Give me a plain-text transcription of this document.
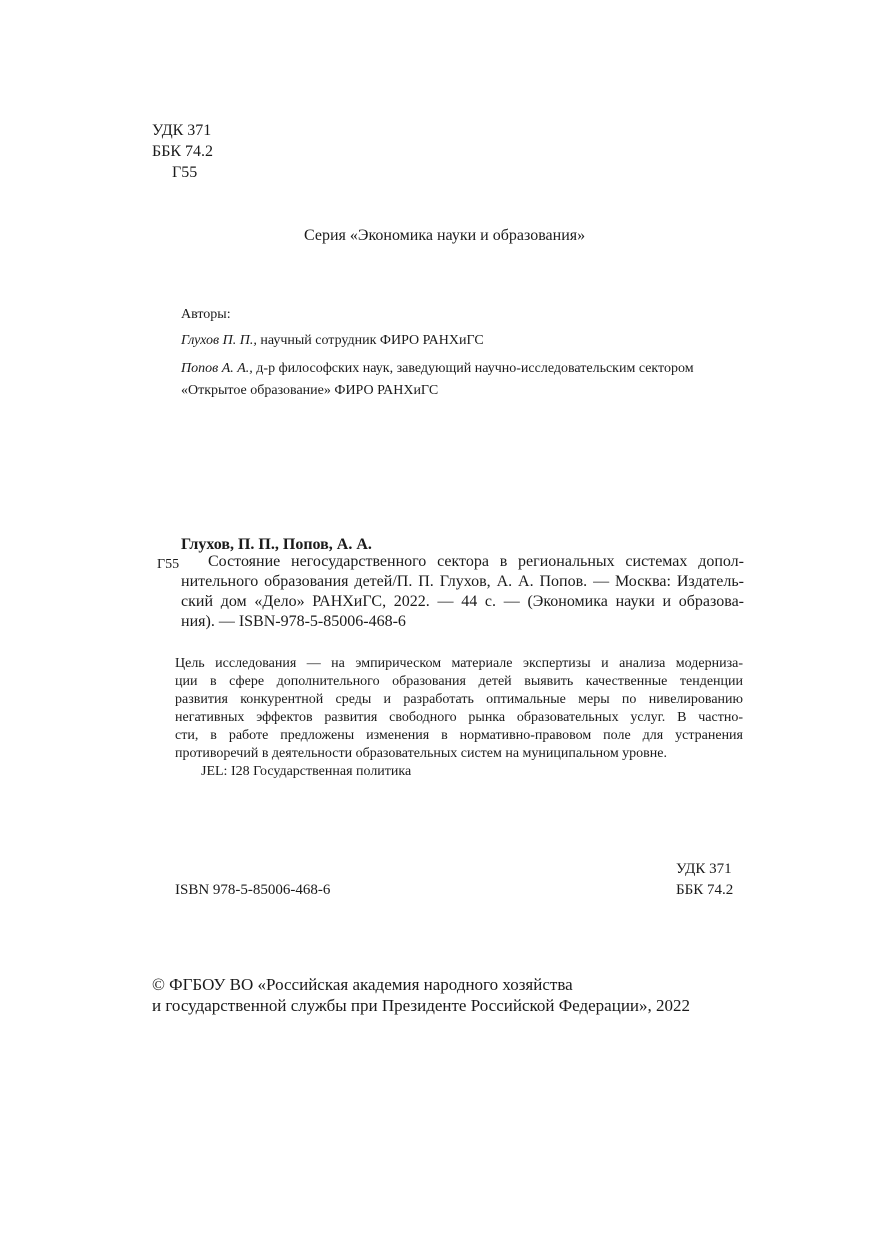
УДК 371
ББК 74.2
Г55
Серия «Экономика науки и образования»
Авторы:
Глухов П. П., научный сотрудник ФИРО РАНХиГС
Попов А. А., д-р философских наук, заведующий научно-исследовательским сектором
«Открытое образование» ФИРО РАНХиГС
Глухов, П. П., Попов, А. А.
Г55 Состояние негосударственного сектора в региональных системах допол-
нительного образования детей/П. П. Глухов, А. А. Попов. — Москва: Издатель-
ский дом «Дело» РАНХиГС, 2022. — 44 с. — (Экономика науки и образова-
ния). — ISBN-978-5-85006-468-6
Цель исследования — на эмпирическом материале экспертизы и анализа модерниза-
ции в сфере дополнительного образования детей выявить качественные тенденции
развития конкурентной среды и разработать оптимальные меры по нивелированию
негативных эффектов развития свободного рынка образовательных услуг. В частно-
сти, в работе предложены изменения в нормативно-правовом поле для устранения
противоречий в деятельности образовательных систем на муниципальном уровне.
JEL: I28 Государственная политика
УДК 371
ISBN 978-5-85006-468-6	ББК 74.2
© ФГБОУ ВО «Российская академия народного хозяйства
и государственной службы при Президенте Российской Федерации», 2022
